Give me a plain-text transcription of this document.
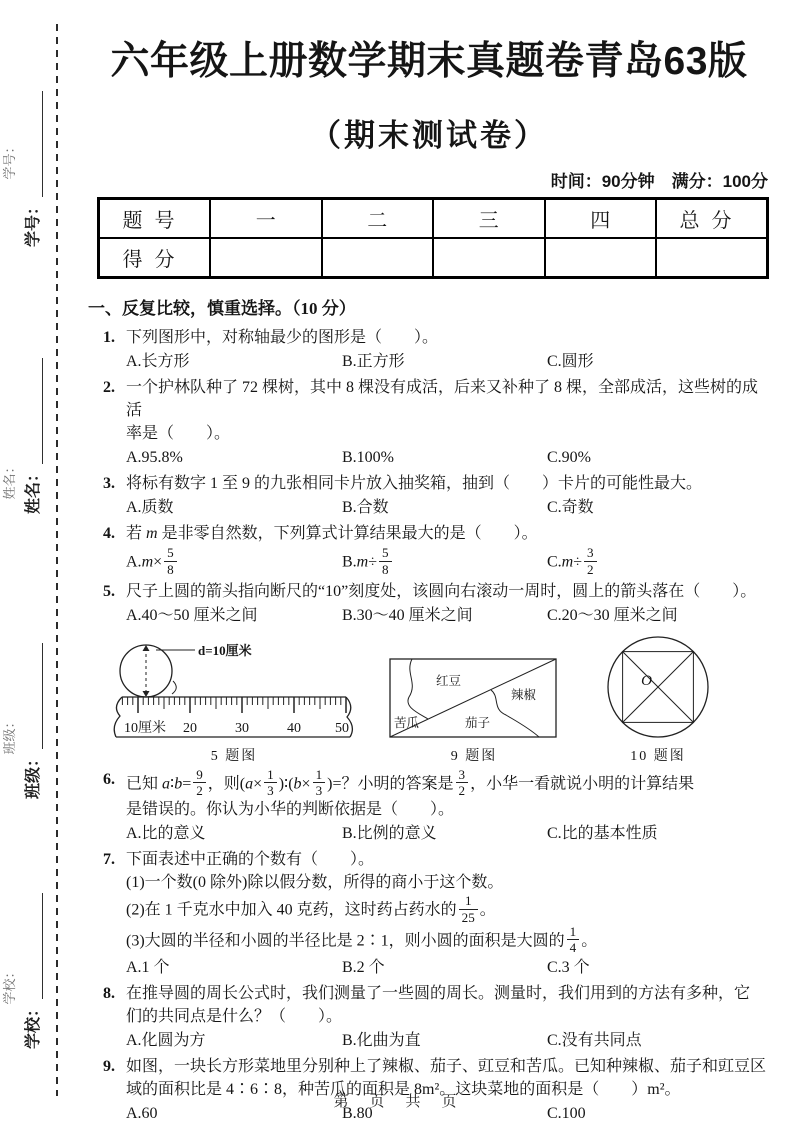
学号：
姓名：
班级：
学校：
学号：
姓名：
班级：
学校：
六年级上册数学期末真题卷青岛63版
（期末测试卷）
时间：90分钟　满分：100分
题号	一	二	三	四	总分
得分					
一、反复比较，慎重选择。（10 分）
1. 下列图形中，对称轴最少的图形是（　　）。
A.长方形	B.正方形	C.圆形
2. 一个护林队种了 72 棵树，其中 8 棵没有成活，后来又补种了 8 棵，全部成活，这些树的成活
率是（　　）。
A.95.8%	B.100%	C.90%
3. 将标有数字 1 至 9 的九张相同卡片放入抽奖箱，抽到（　　）卡片的可能性最大。
A.质数	B.合数	C.奇数
4. 若 m 是非零自然数，下列算式计算结果最大的是（　　）。
$A.m\times \frac{5}{8}$	$B.m\div \frac{5}{8}$	$C.m\div \frac{3}{2}$
5. 尺子上圆的箭头指向断尺的“10”刻度处，该圆向右滚动一周时，圆上的箭头落在（　　）。
A.40～50 厘米之间	B.30～40 厘米之间	C.20～30 厘米之间
d=10厘米
10厘米 20	30	40 50
5 题图
红豆
辣椒
苦瓜	茄子
9 题图
O
10 题图
6. 已知 a∶b= $\frac{9}{2}$ ，则($a\times \frac{1}{3}$ )∶(b× $\frac{1}{3}$ )=？小明的答案是 $\frac{3}{2}$ ，小华一看就说小明的计算结果
是错误的。你认为小华的判断依据是（　　）。
A.比的意义	B.比例的意义	C.比的基本性质
7. 下面表述中正确的个数有（　　）。
(1)一个数(0 除外)除以假分数，所得的商小于这个数。
(2)在 1 千克水中加入 40 克药，这时药占药水的 $\frac{1}{25}$ 。
(3)大圆的半径和小圆的半径比是 2∶1，则小圆的面积是大圆的 $\frac{1}{4}$ 。
A.1 个	B.2 个	C.3 个
8. 在推导圆的周长公式时，我们测量了一些圆的周长。测量时，我们用到的方法有多种，它
们的共同点是什么？（　　）。
A.化圆为方	B.化曲为直	C.没有共同点
9. 如图，一块长方形菜地里分别种上了辣椒、茄子、豇豆和苦瓜。已知种辣椒、茄子和豇豆区
域的面积比是 4∶6∶8，种苦瓜的面积是 8m²。这块菜地的面积是（　　）m²。
A.60	B.80	C.100
第　页　共　页
